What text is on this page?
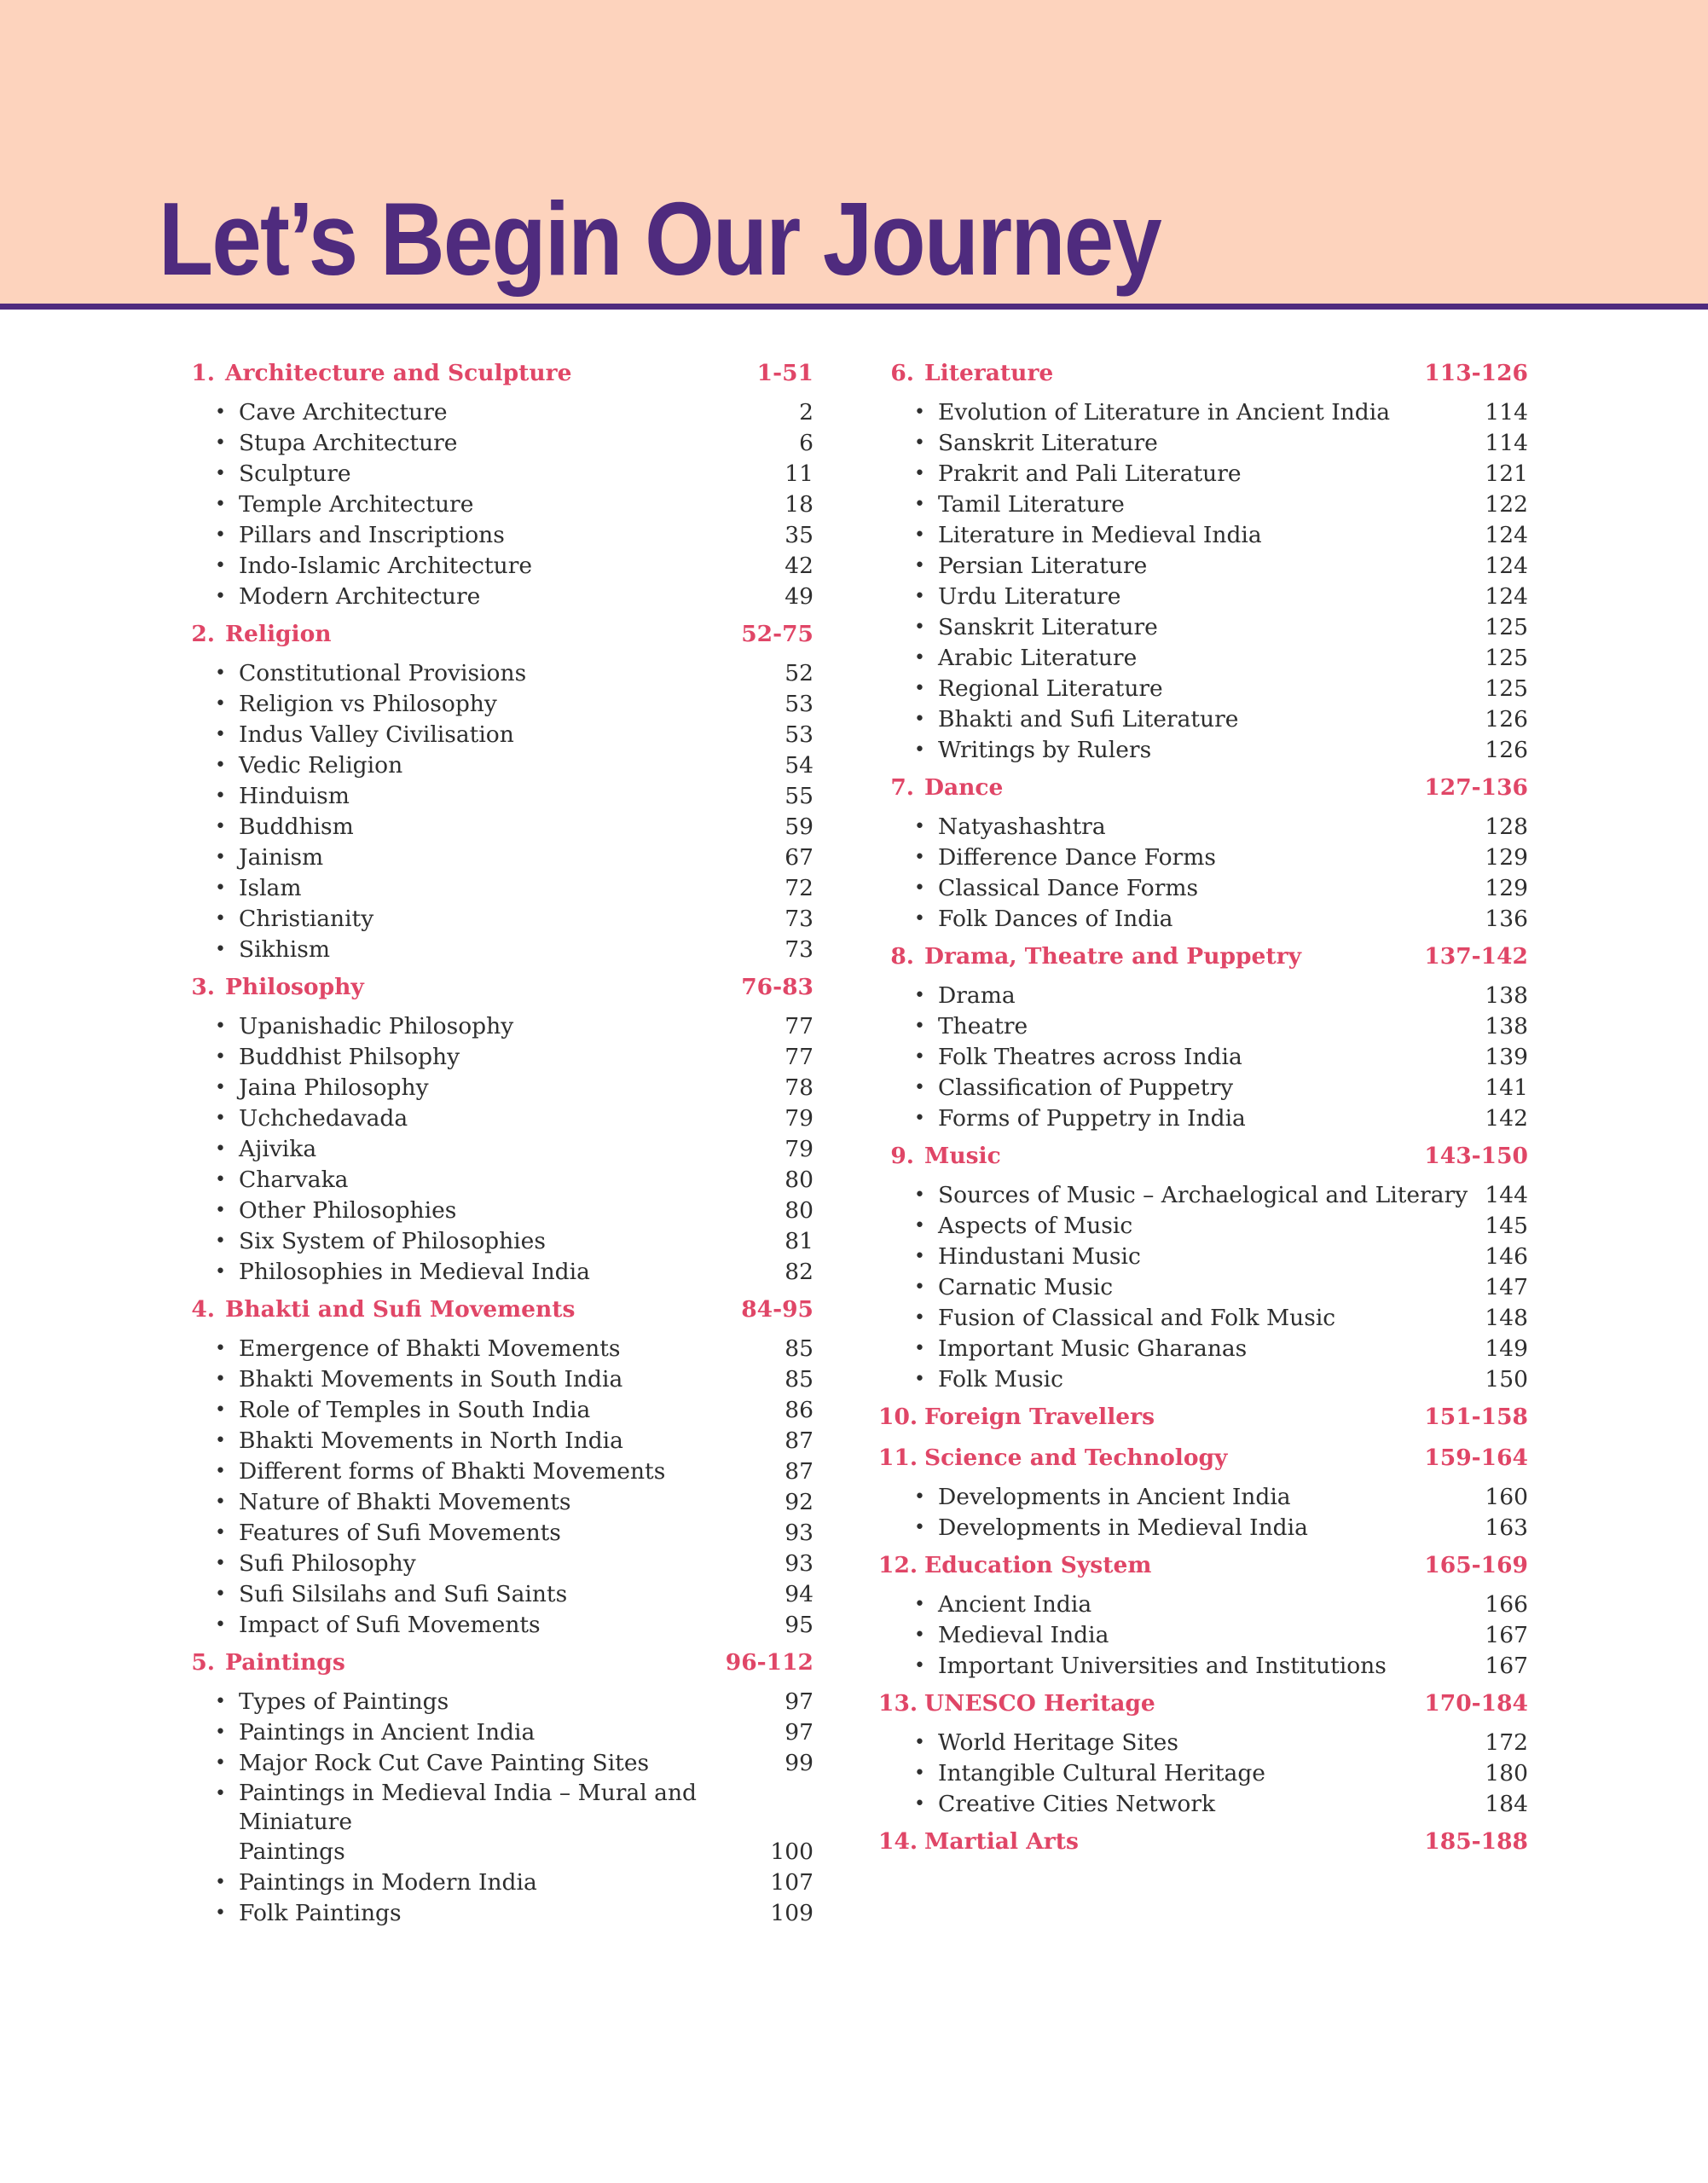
Let’s Begin Our Journey
1. Architecture and Sculpture	1-51
• Cave Architecture	2
• Stupa Architecture	6
• Sculpture	11
• Temple Architecture	18
• Pillars and Inscriptions	35
• Indo-Islamic Architecture	42
• Modern Architecture	49
2. Religion	52-75
• Constitutional Provisions	52
• Religion vs Philosophy	53
• Indus Valley Civilisation	53
• Vedic Religion	54
• Hinduism	55
• Buddhism	59
• Jainism	67
• Islam	72
• Christianity	73
• Sikhism	73
3. Philosophy	76-83
• Upanishadic Philosophy	77
• Buddhist Philsophy	77
• Jaina Philosophy	78
• Uchchedavada	79
• Ajivika	79
• Charvaka	80
• Other Philosophies	80
• Six System of Philosophies	81
• Philosophies in Medieval India	82
4. Bhakti and Sufi Movements	84-95
• Emergence of Bhakti Movements	85
• Bhakti Movements in South India	85
• Role of Temples in South India	86
• Bhakti Movements in North India	87
• Different forms of Bhakti Movements	87
• Nature of Bhakti Movements	92
• Features of Sufi Movements	93
• Sufi Philosophy	93
• Sufi Silsilahs and Sufi Saints	94
• Impact of Sufi Movements	95
5. Paintings	96-112
• Types of Paintings	97
• Paintings in Ancient India	97
• Major Rock Cut Cave Painting Sites	99
• Paintings in Medieval India – Mural and Miniature
Paintings	100
• Paintings in Modern India	107
• Folk Paintings	109
6. Literature	113-126
• Evolution of Literature in Ancient India	114
• Sanskrit Literature	114
• Prakrit and Pali Literature	121
• Tamil Literature	122
• Literature in Medieval India	124
• Persian Literature	124
• Urdu Literature	124
• Sanskrit Literature	125
• Arabic Literature	125
• Regional Literature	125
• Bhakti and Sufi Literature	126
• Writings by Rulers	126
7. Dance	127-136
• Natyashashtra	128
• Difference Dance Forms	129
• Classical Dance Forms	129
• Folk Dances of India	136
8. Drama, Theatre and Puppetry	137-142
• Drama	138
• Theatre	138
• Folk Theatres across India	139
• Classification of Puppetry	141
• Forms of Puppetry in India	142
9. Music	143-150
• Sources of Music – Archaelogical and Literary 144
• Aspects of Music	145
• Hindustani Music	146
• Carnatic Music	147
• Fusion of Classical and Folk Music	148
• Important Music Gharanas	149
• Folk Music	150
10. Foreign Travellers	151-158
11. Science and Technology	159-164
• Developments in Ancient India	160
• Developments in Medieval India	163
12. Education System	165-169
• Ancient India	166
• Medieval India	167
• Important Universities and Institutions	167
13. UNESCO Heritage	170-184
• World Heritage Sites	172
• Intangible Cultural Heritage	180
• Creative Cities Network	184
14. Martial Arts	185-188
